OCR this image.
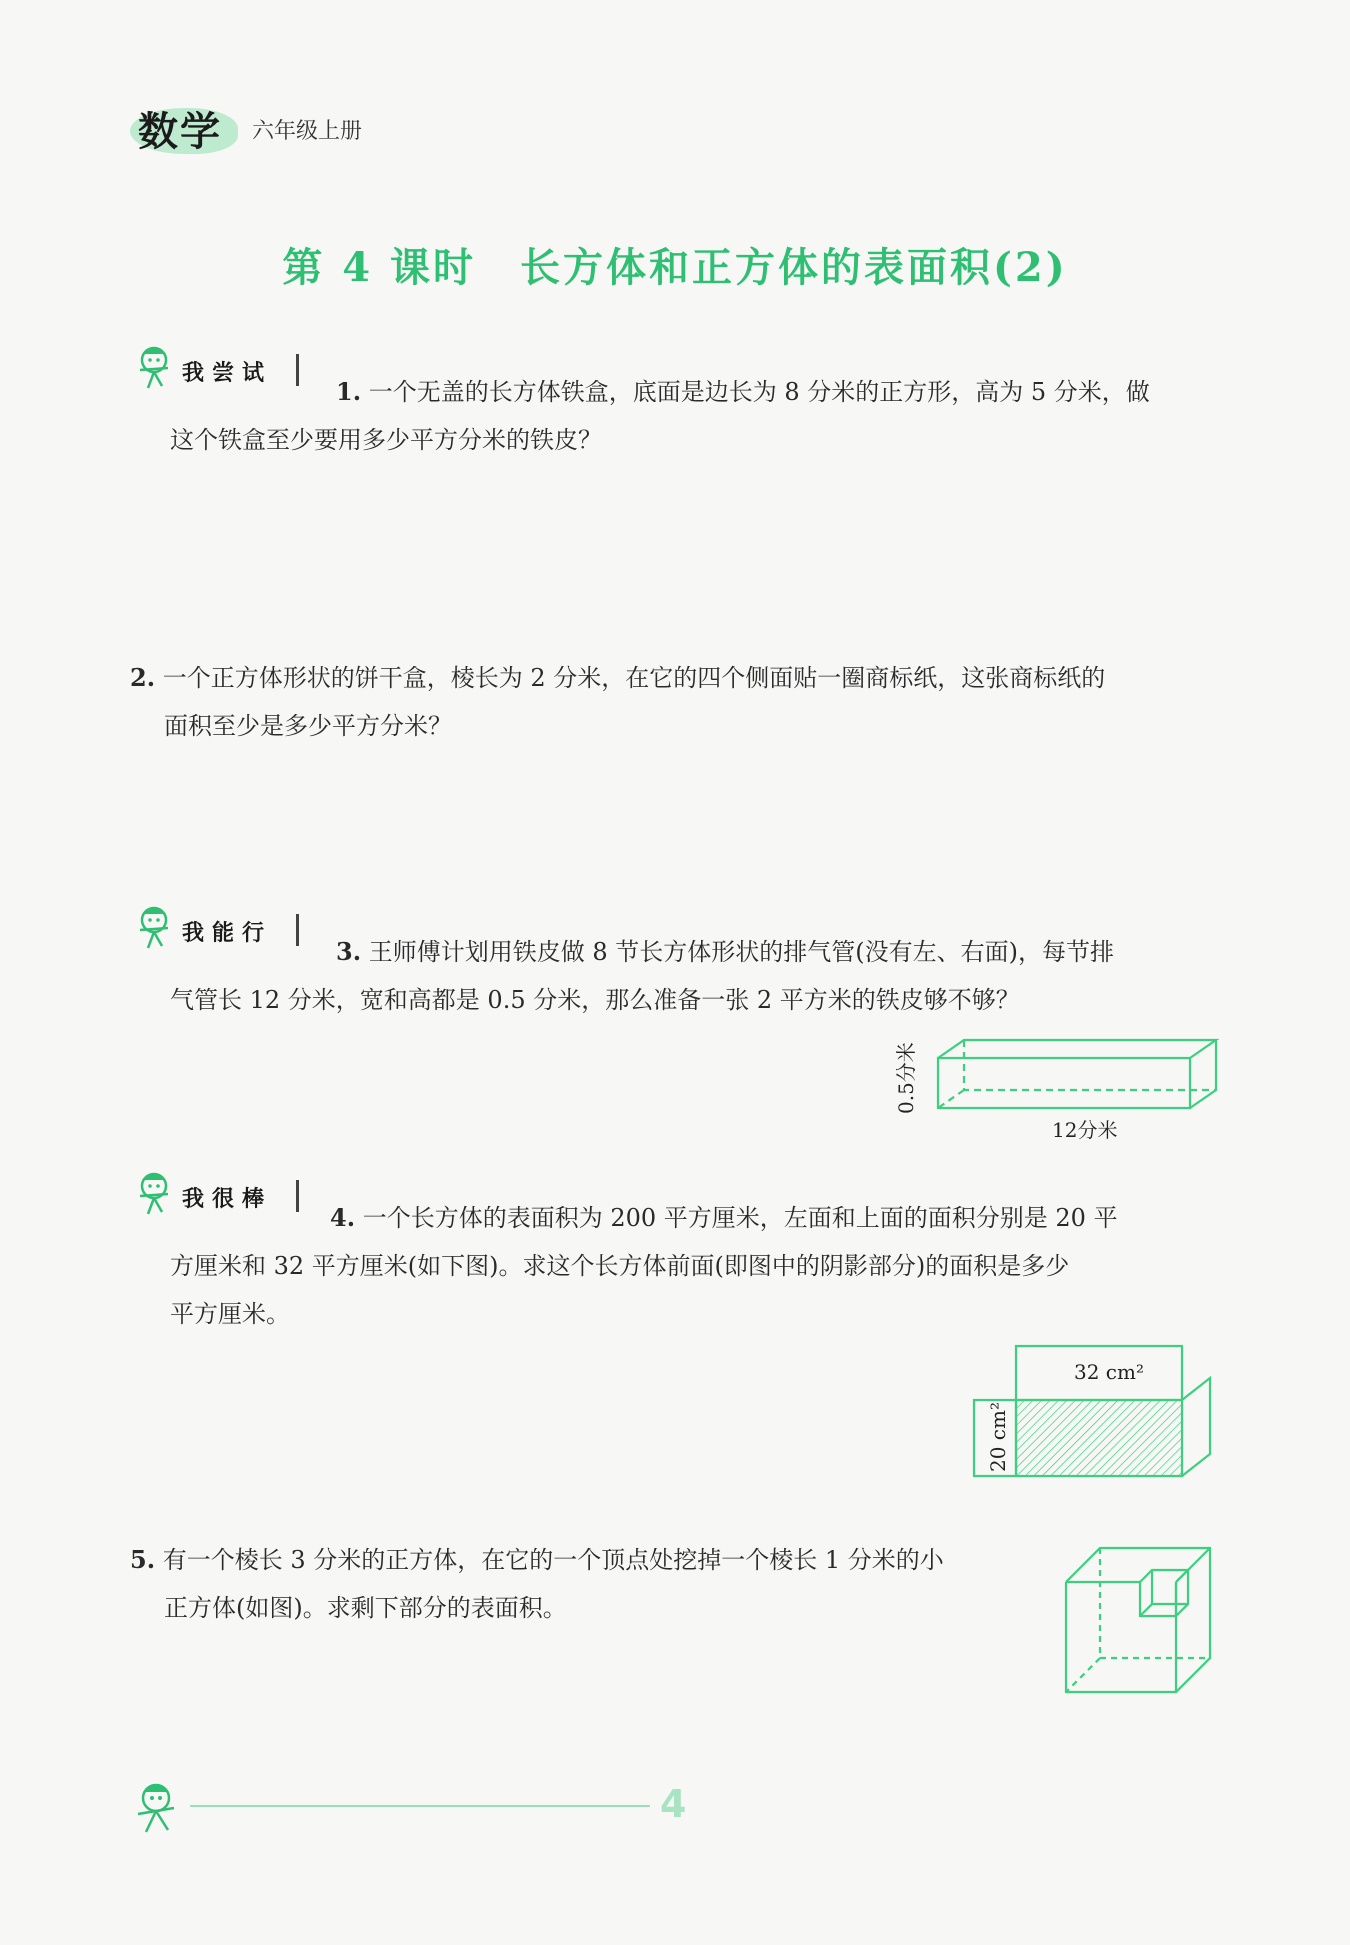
数学 六年级上册
第 4 课时 长方体和正方体的表面积(2)
我尝试
1. 一个无盖的长方体铁盒，底面是边长为 8 分米的正方形，高为 5 分米，做
这个铁盒至少要用多少平方分米的铁皮？
2. 一个正方体形状的饼干盒，棱长为 2 分米，在它的四个侧面贴一圈商标纸，这张商标纸的
面积至少是多少平方分米？
我能行
3. 王师傅计划用铁皮做 8 节长方体形状的排气管(没有左、右面)，每节排
气管长 12 分米，宽和高都是 0.5 分米，那么准备一张 2 平方米的铁皮够不够？
0.5分米
12分米
我很棒
4. 一个长方体的表面积为 200 平方厘米，左面和上面的面积分别是 20 平
方厘米和 32 平方厘米(如下图)。求这个长方体前面(即图中的阴影部分)的面积是多少
平方厘米。
32 cm²
20 cm²
5. 有一个棱长 3 分米的正方体，在它的一个顶点处挖掉一个棱长 1 分米的小
正方体(如图)。求剩下部分的表面积。
4
